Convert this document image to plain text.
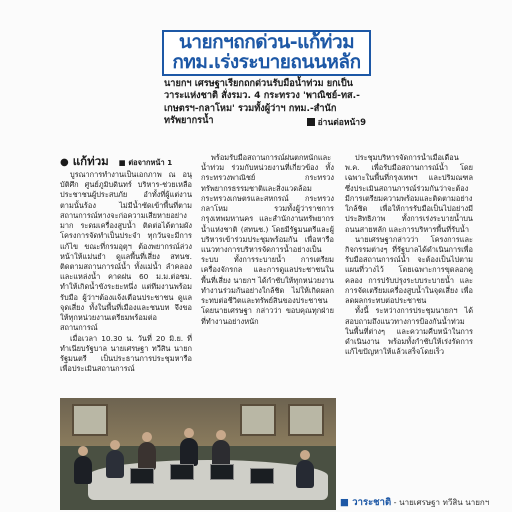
นายกฯถกด่วน-แก้ท่วม
กทม.เร่งระบายถนนหลัก
นายกฯ เศรษฐาเรียกถกด่วนรับมือน้ำท่วม ยกเป็นวาระแห่งชาติ สั่งรมว. 4 กระทรวง 'พาณิชย์-ทส.-เกษตรฯ-กลาโหม' รวมทั้งผู้ว่าฯ กทม.-สำนักทรัพยากรน้ำ	อ่านต่อหน้า9
● แก้ท่วม ■ ต่อจากหน้า 1

บูรณาการทำงานเป็นเอกภาพ ณ อนุบัติศึก ศูนย์ภูมิบดินทร์ บริหาร-ช่วยเหลือประชาชนผู้ประสบภัย อำทั้งที่ผู้แต่งานตามนั้นร้อง ไม่มีน้ำซัดเข้าพื้นที่ตามสถานการณ์ทางจะก่อความเสียหายอย่างมาก ระดมเครื่องสูบน้ำ ติดต่อได้ตามผังโครงการจัดทำเป็นประจำ ทุกวันจะมีการแก้ไข ขณะที่กรมอุตุฯ ต้องพยากรณ์ล่วงหน้าให้แม่นยำ ดูแลพื้นที่เสี่ยง สทนช. ติดตามสถานการณ์น้ำ ทั้งแม่น้ำ ลำคลองและแหล่งน้ำ คาดฝน 60 ม.ม.ต่อชม. ทำให้เกิดน้ำขังระยะหนึ่ง แต่ทีมงานพร้อมรับมือ ผู้ว่าฯต้องแจ้งเตือนประชาชน ดูแลจุดเสี่ยง ทั้งในพื้นที่เมืองและชนบท จึงขอให้ทุกหน่วยงานเตรียมพร้อมต่อสถานการณ์

เมื่อเวลา 10.30 น. วันที่ 20 มิ.ย. ที่ทำเนียบรัฐบาล นายเศรษฐา ทวีสิน นายกรัฐมนตรี เป็นประธานการประชุมหารือเพื่อประเมินสถานการณ์

พร้อมรับมือสถานการณ์ฝนตกหนักและน้ำท่วม ร่วมกับหน่วยงานที่เกี่ยวข้อง ทั้งกระทรวงพาณิชย์ กระทรวงทรัพยากรธรรมชาติและสิ่งแวดล้อม กระทรวงเกษตรและสหกรณ์ กระทรวงกลาโหม รวมทั้งผู้ว่าราชการกรุงเทพมหานคร และสำนักงานทรัพยากรน้ำแห่งชาติ (สทนช.) โดยมีรัฐมนตรีและผู้บริหารเข้าร่วมประชุมพร้อมกัน เพื่อหารือแนวทางการบริหารจัดการน้ำอย่างเป็นระบบ ทั้งการระบายน้ำ การเตรียมเครื่องจักรกล และการดูแลประชาชนในพื้นที่เสี่ยง นายกฯ ได้กำชับให้ทุกหน่วยงานทำงานร่วมกันอย่างใกล้ชิด ไม่ให้เกิดผลกระทบต่อชีวิตและทรัพย์สินของประชาชน โดยนายเศรษฐา กล่าวว่า ขอบคุณทุกฝ่ายที่ทำงานอย่างหนัก

ประชุมบริหารจัดการน้ำเมื่อเดือนพ.ค. เพื่อรับมือสถานการณ์น้ำ โดยเฉพาะในพื้นที่กรุงเทพฯ และปริมณฑล ซึ่งประเมินสถานการณ์ร่วมกันว่าจะต้องมีการเตรียมความพร้อมและติดตามอย่างใกล้ชิด เพื่อให้การรับมือเป็นไปอย่างมีประสิทธิภาพ ทั้งการเร่งระบายน้ำบนถนนสายหลัก และการบริหารพื้นที่รับน้ำ

นายเศรษฐากล่าวว่า โครงการและกิจกรรมต่างๆ ที่รัฐบาลได้ดำเนินการเพื่อรับมือสถานการณ์น้ำ จะต้องเป็นไปตามแผนที่วางไว้ โดยเฉพาะการขุดลอกคูคลอง การปรับปรุงระบบระบายน้ำ และการจัดเตรียมเครื่องสูบน้ำในจุดเสี่ยง เพื่อลดผลกระทบต่อประชาชน

ทั้งนี้ ระหว่างการประชุมนายกฯ ได้สอบถามถึงแนวทางการป้องกันน้ำท่วมในพื้นที่ต่างๆ และความคืบหน้าในการดำเนินงาน พร้อมทั้งกำชับให้เร่งรัดการแก้ไขปัญหาให้แล้วเสร็จโดยเร็ว

■ วาระชาติ - นายเศรษฐา ทวีสิน นายกฯ
